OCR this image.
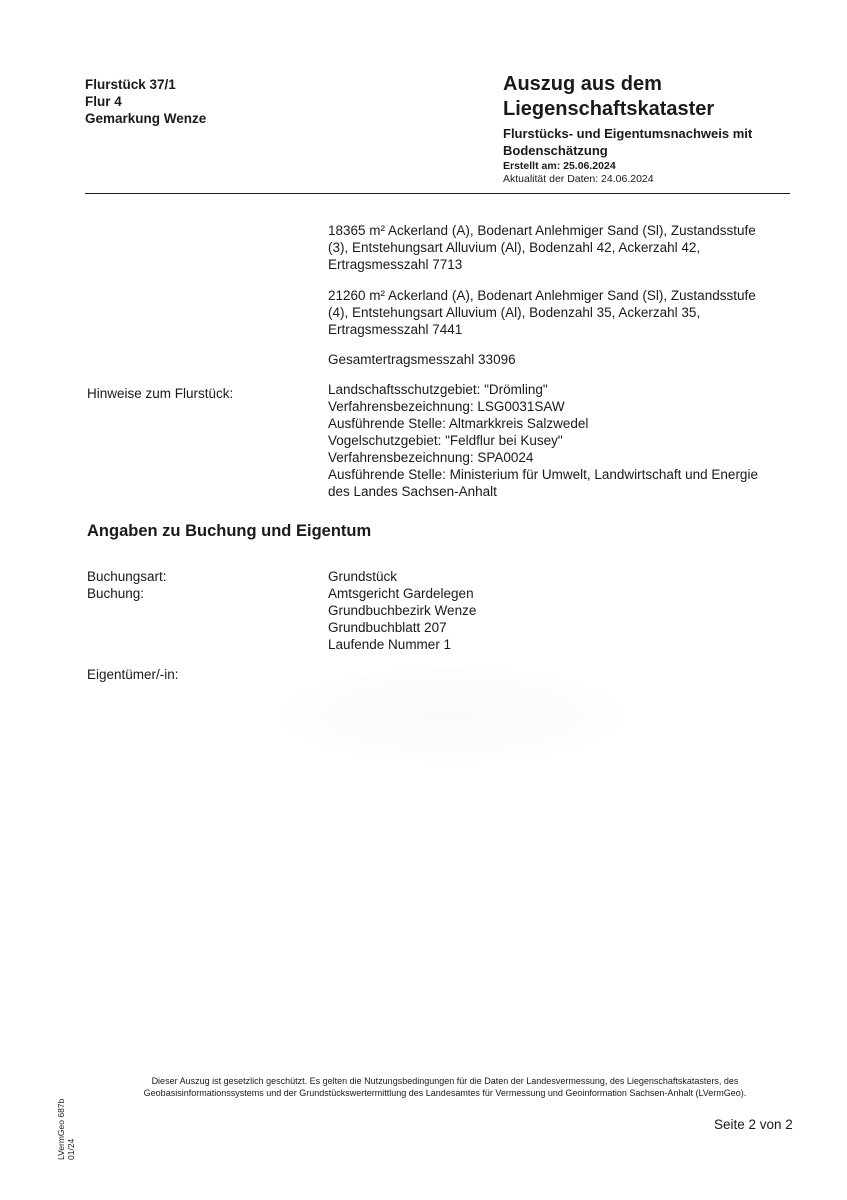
Flurstück 37/1
Flur 4
Gemarkung Wenze
Auszug aus dem
Liegenschaftskataster
Flurstücks- und Eigentumsnachweis mit Bodenschätzung
Erstellt am: 25.06.2024
Aktualität der Daten: 24.06.2024
18365 m² Ackerland (A), Bodenart Anlehmiger Sand (Sl), Zustandsstufe
(3), Entstehungsart Alluvium (Al), Bodenzahl 42, Ackerzahl 42,
Ertragsmesszahl 7713
21260 m² Ackerland (A), Bodenart Anlehmiger Sand (Sl), Zustandsstufe
(4), Entstehungsart Alluvium (Al), Bodenzahl 35, Ackerzahl 35,
Ertragsmesszahl 7441
Gesamtertragsmesszahl 33096
Hinweise zum Flurstück:	Landschaftsschutzgebiet: "Drömling"
Verfahrensbezeichnung: LSG0031SAW
Ausführende Stelle: Altmarkkreis Salzwedel
Vogelschutzgebiet: "Feldflur bei Kusey"
Verfahrensbezeichnung: SPA0024
Ausführende Stelle: Ministerium für Umwelt, Landwirtschaft und Energie
des Landes Sachsen-Anhalt
Angaben zu Buchung und Eigentum
Buchungsart:
Buchung:
Grundstück
Amtsgericht Gardelegen
Grundbuchbezirk Wenze
Grundbuchblatt 207
Laufende Nummer 1
Eigentümer/-in:
Dieser Auszug ist gesetzlich geschützt. Es gelten die Nutzungsbedingungen für die Daten der Landesvermessung, des Liegenschaftskatasters, des
Geobasisinformationssystems und der Grundstückswertermittlung des Landesamtes für Vermessung und Geoinformation Sachsen-Anhalt (LVermGeo).
Seite 2 von 2
LVermGeo 687b 01/24
